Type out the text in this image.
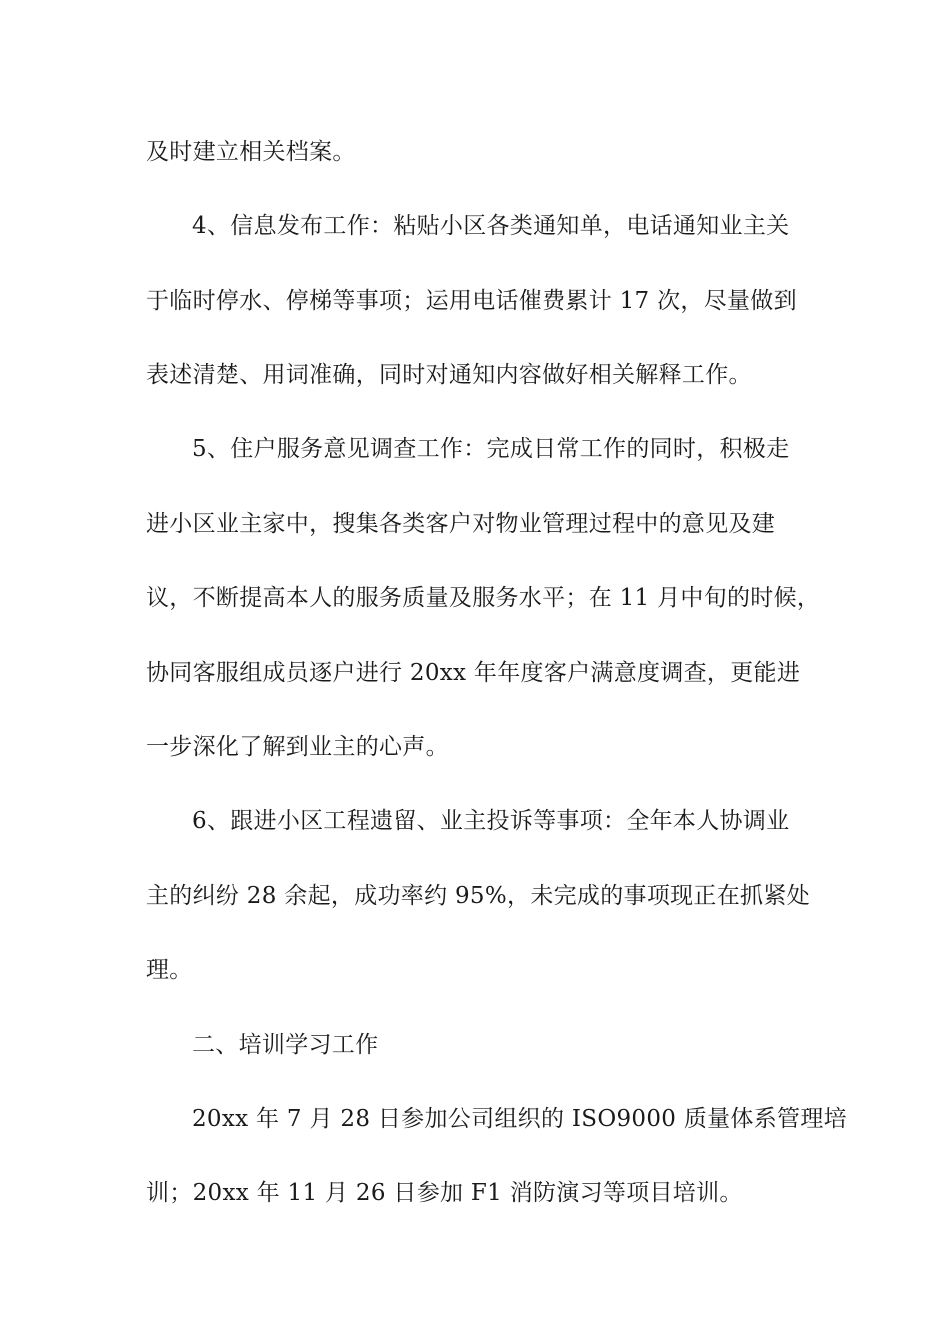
及时建立相关档案。
4、信息发布工作：粘贴小区各类通知单，电话通知业主关
于临时停水、停梯等事项；运用电话催费累计 17 次，尽量做到
表述清楚、用词准确，同时对通知内容做好相关解释工作。
5、住户服务意见调查工作：完成日常工作的同时，积极走
进小区业主家中，搜集各类客户对物业管理过程中的意见及建
议，不断提高本人的服务质量及服务水平；在 11 月中旬的时候，
协同客服组成员逐户进行 20xx 年年度客户满意度调查，更能进
一步深化了解到业主的心声。
6、跟进小区工程遗留、业主投诉等事项：全年本人协调业
主的纠纷 28 余起，成功率约 95%，未完成的事项现正在抓紧处
理。
二、培训学习工作
20xx 年 7 月 28 日参加公司组织的 ISO9000 质量体系管理培
训；20xx 年 11 月 26 日参加 F1 消防演习等项目培训。
